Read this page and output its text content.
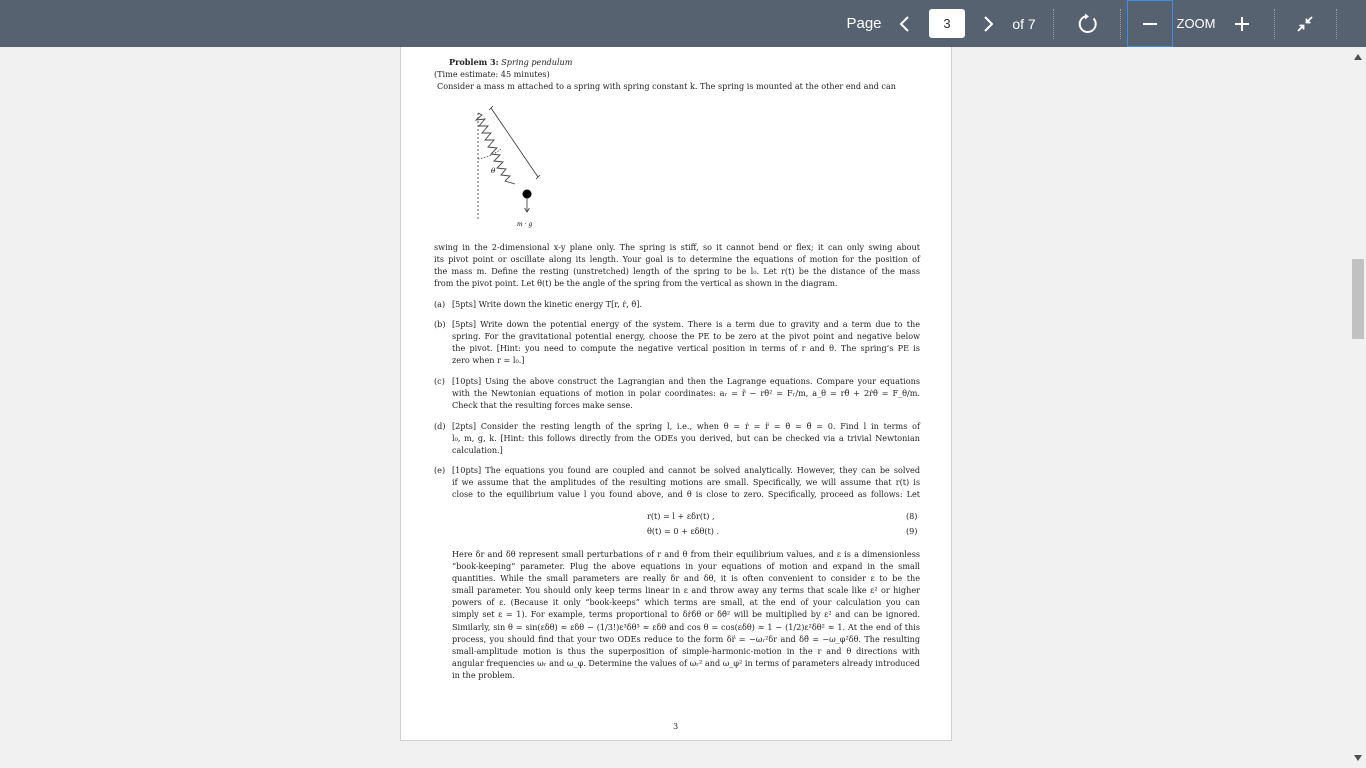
Page
3	of 7	ZOOM
Problem 3: Spring pendulum
(Time estimate: 45 minutes)
Consider a mass m attached to a spring with spring constant k. The spring is mounted at the other end and can
θ
m · g
swing in the 2-dimensional x-y plane only. The spring is stiff, so it cannot bend or flex; it can only swing about
its pivot point or oscillate along its length. Your goal is to determine the equations of motion for the position of
the mass m. Define the resting (unstretched) length of the spring to be l₀. Let r(t) be the distance of the mass
from the pivot point. Let θ(t) be the angle of the spring from the vertical as shown in the diagram.
(a) [5pts] Write down the kinetic energy T[r, ṙ, θ̇].
(b) [5pts] Write down the potential energy of the system. There is a term due to gravity and a term due to the
spring. For the gravitational potential energy, choose the PE to be zero at the pivot point and negative below
the pivot. [Hint: you need to compute the negative vertical position in terms of r and θ. The spring’s PE is
zero when r = l₀.]
(c) [10pts] Using the above construct the Lagrangian and then the Lagrange equations. Compare your equations
with the Newtonian equations of motion in polar coordinates: aᵣ = r̈ − rθ̇² = Fᵣ/m, a_θ = rθ̈ + 2ṙθ̇ = F_θ/m.
Check that the resulting forces make sense.
(d) [2pts] Consider the resting length of the spring l, i.e., when θ = ṙ = r̈ = θ̇ = θ̈ = 0. Find l in terms of
l₀, m, g, k. [Hint: this follows directly from the ODEs you derived, but can be checked via a trivial Newtonian
calculation.]
(e) [10pts] The equations you found are coupled and cannot be solved analytically. However, they can be solved
if we assume that the amplitudes of the resulting motions are small. Specifically, we will assume that r(t) is
close to the equilibrium value l you found above, and θ is close to zero. Specifically, proceed as follows: Let
r(t) = l + εδr(t) ,	(8)
θ(t) = 0 + εδθ(t) .	(9)
Here δr and δθ represent small perturbations of r and θ from their equilibrium values, and ε is a dimensionless
“book-keeping” parameter. Plug the above equations in your equations of motion and expand in the small
quantities. While the small parameters are really δr and δθ, it is often convenient to consider ε to be the
small parameter. You should only keep terms linear in ε and throw away any terms that scale like ε² or higher
powers of ε. (Because it only “book-keeps” which terms are small, at the end of your calculation you can
simply set ε = 1). For example, terms proportional to δṙδθ or δθ̇² will be multiplied by ε² and can be ignored.
Similarly, sin θ = sin(εδθ) ≈ εδθ − (1/3!)ε³δθ³ ≈ εδθ and cos θ = cos(εδθ) ≈ 1 − (1/2)ε²δθ² ≈ 1. At the end of this
process, you should find that your two ODEs reduce to the form δr̈ = −ωᵣ²δr and δθ̈ = −ω_φ²δθ. The resulting
small-amplitude motion is thus the superposition of simple-harmonic-motion in the r and θ directions with
angular frequencies ωᵣ and ω_φ. Determine the values of ωᵣ² and ω_φ² in terms of parameters already introduced
in the problem.
3
